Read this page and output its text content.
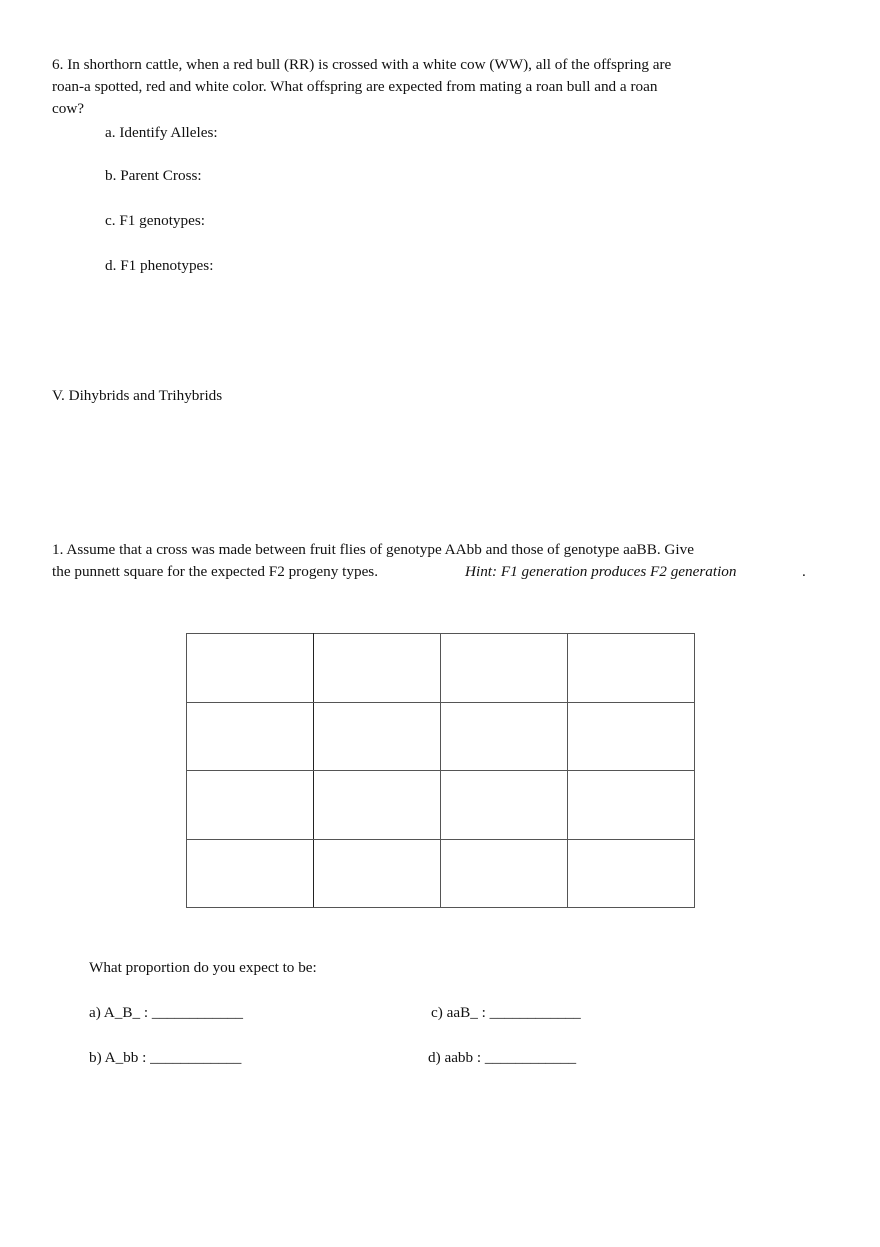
6. In shorthorn cattle, when a red bull (RR) is crossed with a white cow (WW), all of the offspring are
roan-a spotted, red and white color. What offspring are expected from mating a roan bull and a roan
cow?
a. Identify Alleles:
b. Parent Cross:
c. F1 genotypes:
d. F1 phenotypes:
V. Dihybrids and Trihybrids
1. Assume that a cross was made between fruit flies of genotype AAbb and those of genotype aaBB. Give
the punnett square for the expected F2 progeny types.	Hint: F1 generation produces F2 generation	.

What proportion do you expect to be:
a) A_B_ : ____________	c) aaB_ : ____________
b) A_bb : ____________	d) aabb : ____________
